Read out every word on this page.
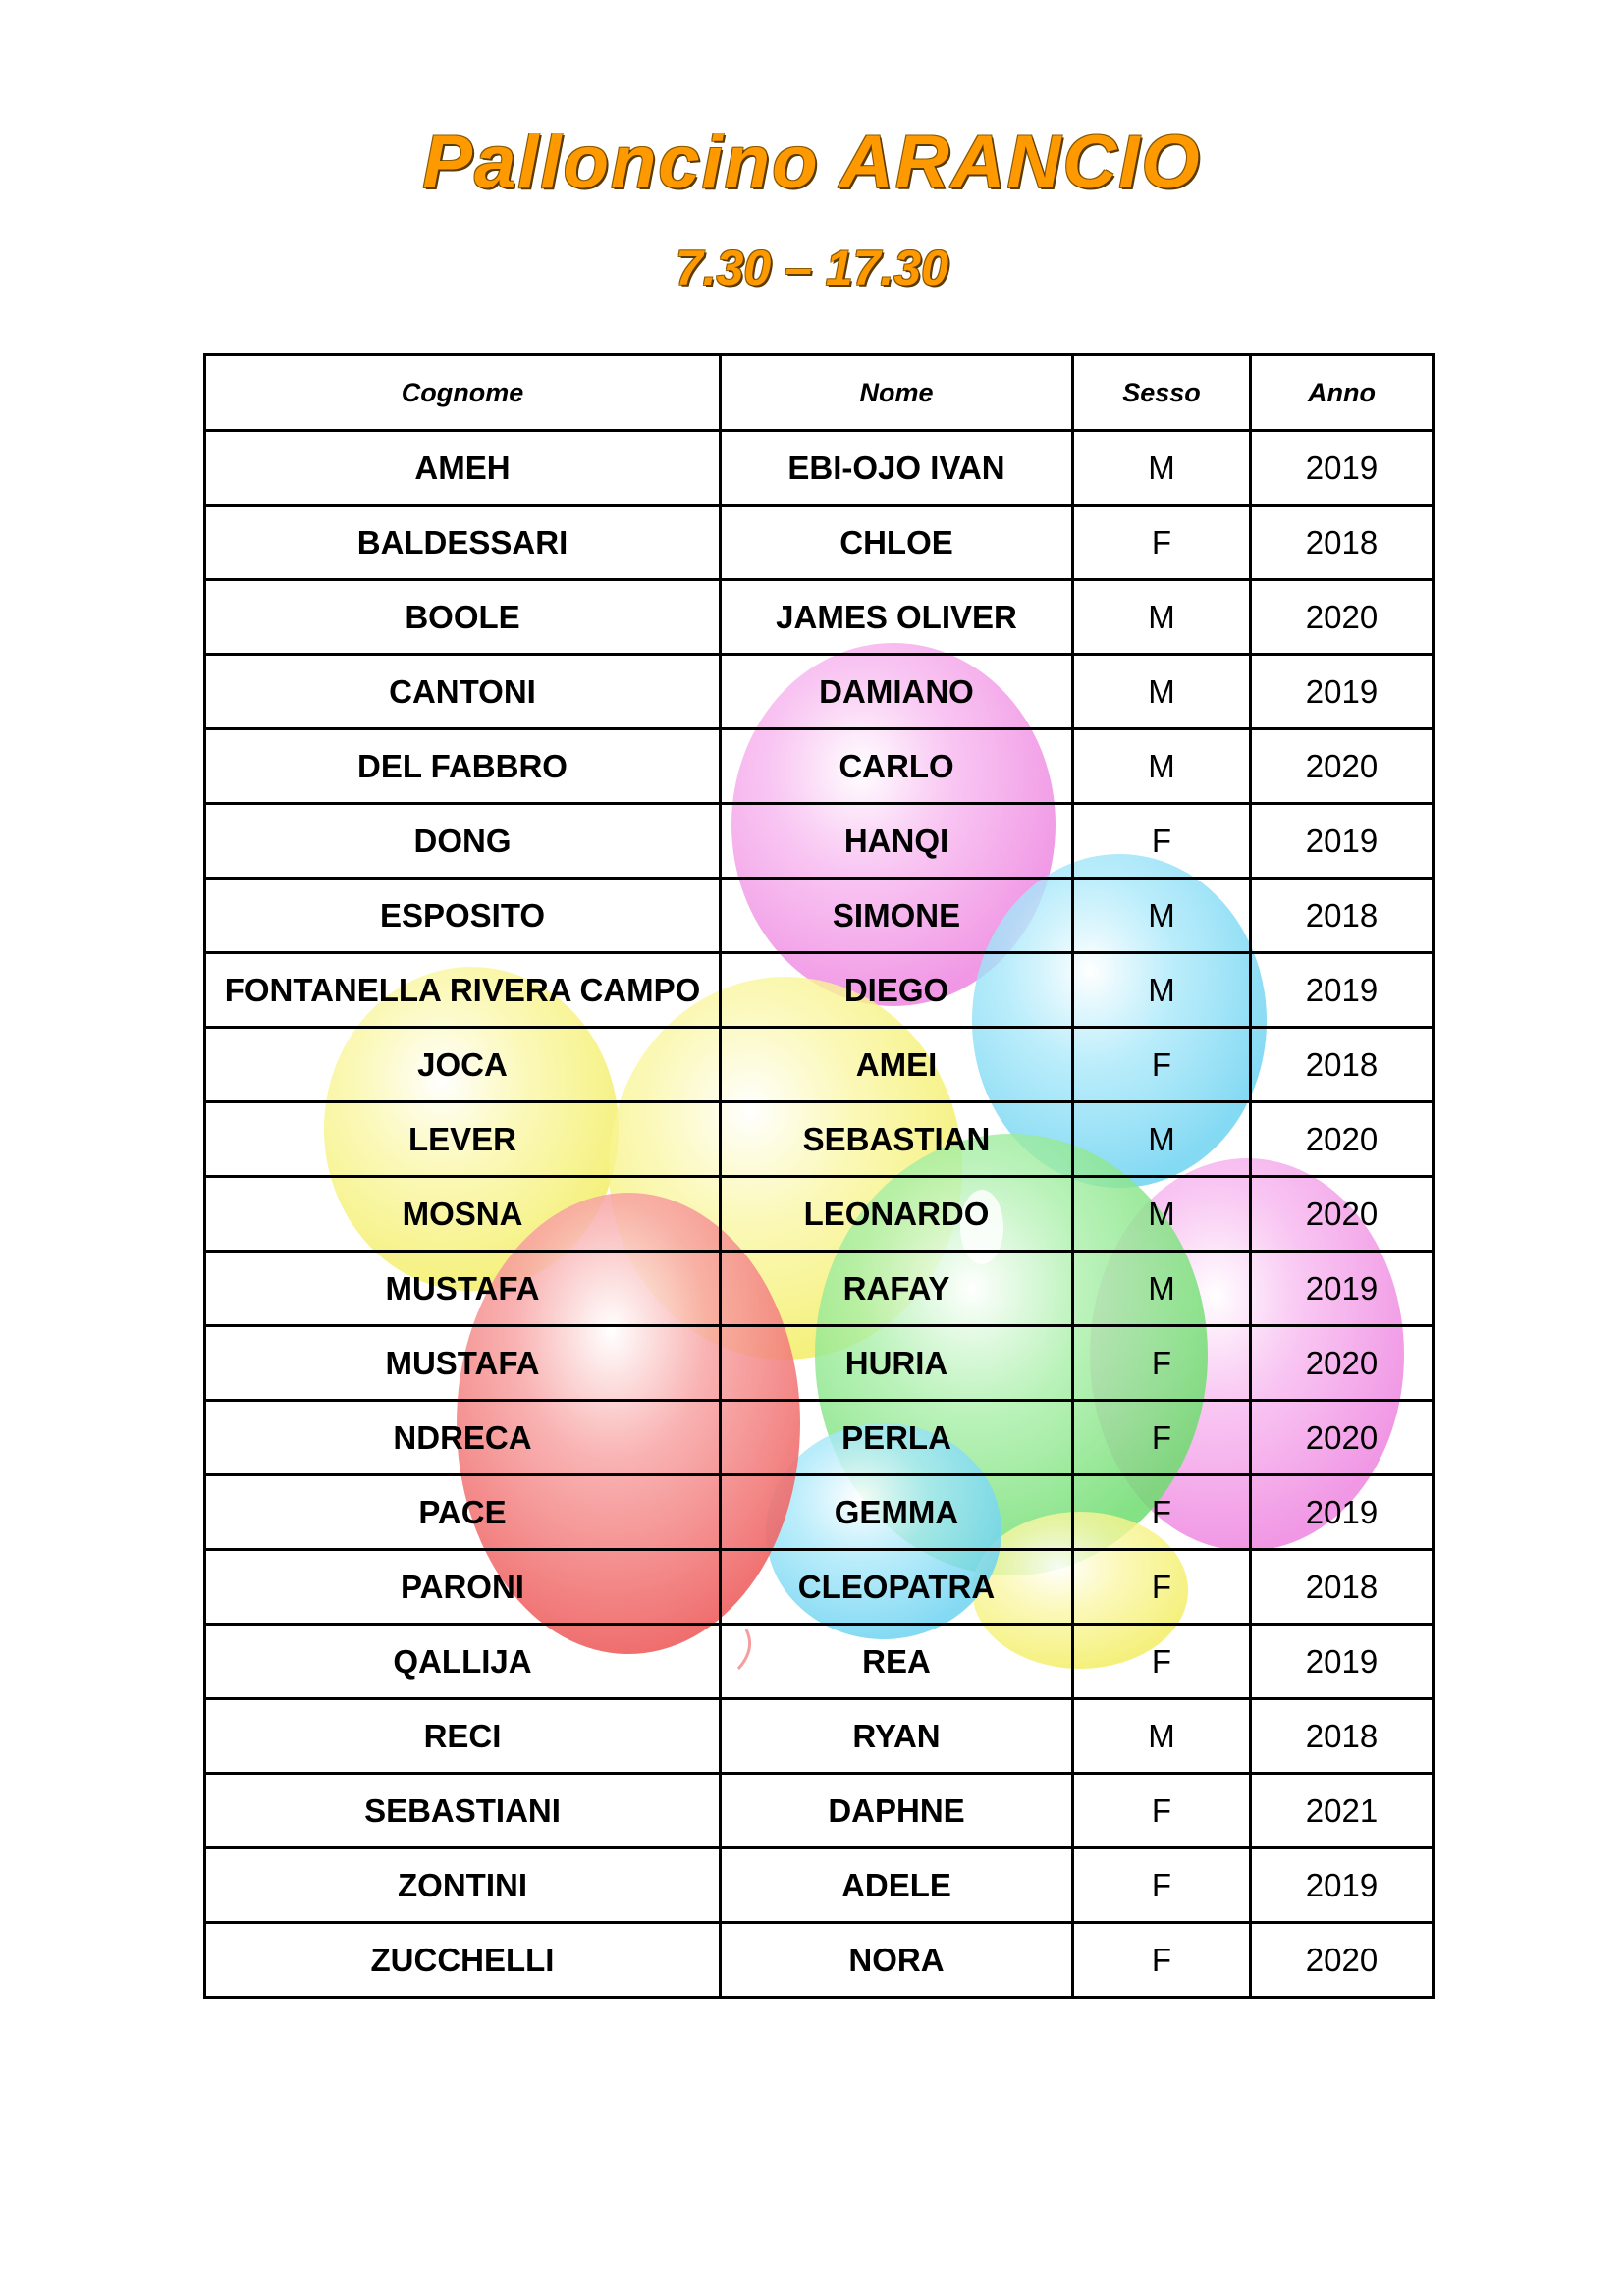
Palloncino ARANCIO
7.30 – 17.30
Cognome	Nome	Sesso	Anno
AMEH	EBI-OJO IVAN	M	2019
BALDESSARI	CHLOE	F	2018
BOOLE	JAMES OLIVER	M	2020
CANTONI	DAMIANO	M	2019
DEL FABBRO	CARLO	M	2020
DONG	HANQI	F	2019
ESPOSITO	SIMONE	M	2018
FONTANELLA RIVERA CAMPO	DIEGO	M	2019
JOCA	AMEI	F	2018
LEVER	SEBASTIAN	M	2020
MOSNA	LEONARDO	M	2020
MUSTAFA	RAFAY	M	2019
MUSTAFA	HURIA	F	2020
NDRECA	PERLA	F	2020
PACE	GEMMA	F	2019
PARONI	CLEOPATRA	F	2018
QALLIJA	REA	F	2019
RECI	RYAN	M	2018
SEBASTIANI	DAPHNE	F	2021
ZONTINI	ADELE	F	2019
ZUCCHELLI	NORA	F	2020
